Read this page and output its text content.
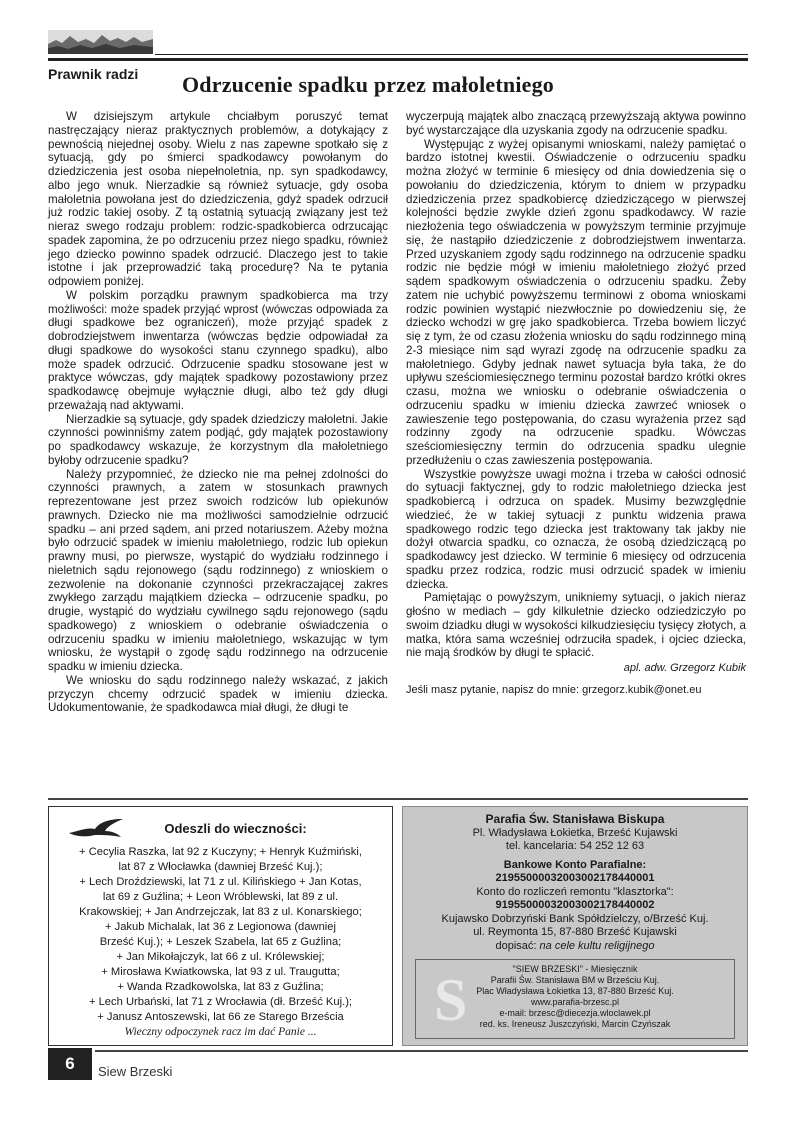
Prawnik radzi Odrzucenie spadku przez małoletniego

W dzisiejszym artykule chciałbym poruszyć temat nastręczający nieraz praktycznych problemów, a dotykający z pewnością niejednej osoby. Wielu z nas zapewne spotkało się z sytuacją, gdy po śmierci spadkodawcy powołanym do dziedziczenia jest osoba niepełnoletnia, np. syn spadkodawcy, albo jego wnuk. Nierzadkie są również sytuacje, gdy osoba małoletnia powołana jest do dziedziczenia, gdyż spadek odrzucił już rodzic takiej osoby. Z tą ostatnią sytuacją związany jest też nieraz swego rodzaju problem: rodzic-spadkobierca odrzucając spadek zapomina, że po odrzuceniu przez niego spadku, również jego dziecko powinno spadek odrzucić. Dlaczego jest to takie istotne i jak przeprowadzić taką procedurę? Na te pytania odpowiem poniżej.

W polskim porządku prawnym spadkobierca ma trzy możliwości: może spadek przyjąć wprost (wówczas odpowiada za długi spadkowe bez ograniczeń), może przyjąć spadek z dobrodziejstwem inwentarza (wówczas będzie odpowiadał za długi spadkowe do wysokości stanu czynnego spadku), albo może spadek odrzucić. Odrzucenie spadku stosowane jest w praktyce wówczas, gdy majątek spadkowy pozostawiony przez spadkodawcę obejmuje wyłącznie długi, albo też gdy długi przeważają nad aktywami.

Nierzadkie są sytuacje, gdy spadek dziedziczy małoletni. Jakie czynności powinniśmy zatem podjąć, gdy majątek pozostawiony po spadkodawcy wskazuje, że korzystnym dla małoletniego byłoby odrzucenie spadku?

Należy przypomnieć, że dziecko nie ma pełnej zdolności do czynności prawnych, a zatem w stosunkach prawnych reprezentowane jest przez swoich rodziców lub opiekunów prawnych. Dziecko nie ma możliwości samodzielnie odrzucić spadku – ani przed sądem, ani przed notariuszem. Ażeby można było odrzucić spadek w imieniu małoletniego, rodzic lub opiekun prawny musi, po pierwsze, wystąpić do wydziału rodzinnego i nieletnich sądu rejonowego (sądu rodzinnego) z wnioskiem o zezwolenie na dokonanie czynności przekraczającej zakres zwykłego zarządu majątkiem dziecka – odrzucenie spadku, po drugie, wystąpić do wydziału cywilnego sądu rejonowego (sądu spadkowego) z wnioskiem o odebranie oświadczenia o odrzuceniu spadku w imieniu małoletniego, wskazując w tym wniosku, że wystąpił o zgodę sądu rodzinnego na odrzucenie spadku w imieniu dziecka.

We wniosku do sądu rodzinnego należy wskazać, z jakich przyczyn chcemy odrzucić spadek w imieniu dziecka. Udokumentowanie, że spadkodawca miał długi, że długi te

wyczerpują majątek albo znaczącą przewyższają aktywa powinno być wystarczające dla uzyskania zgody na odrzucenie spadku.

Występując z wyżej opisanymi wnioskami, należy pamiętać o bardzo istotnej kwestii. Oświadczenie o odrzuceniu spadku można złożyć w terminie 6 miesięcy od dnia dowiedzenia się o powołaniu do dziedziczenia, którym to dniem w przypadku dziedziczenia przez spadkobiercę dziedziczącego w pierwszej kolejności będzie zwykle dzień zgonu spadkodawcy. W razie niezłożenia tego oświadczenia w powyższym terminie przyjmuje się, że nastąpiło dziedziczenie z dobrodziejstwem inwentarza. Przed uzyskaniem zgody sądu rodzinnego na odrzucenie spadku rodzic nie będzie mógł w imieniu małoletniego złożyć przed sądem spadkowym oświadczenia o odrzuceniu spadku. Żeby zatem nie uchybić powyższemu terminowi z oboma wnioskami rodzic powinien wystąpić niezwłocznie po dowiedzeniu się, że dziecko wchodzi w grę jako spadkobierca. Trzeba bowiem liczyć się z tym, że od czasu złożenia wniosku do sądu rodzinnego miną 2-3 miesiące nim sąd wyrazi zgodę na odrzucenie spadku za małoletniego. Gdyby jednak nawet sytuacja była taka, że do upływu sześciomiesięcznego terminu pozostał bardzo krótki okres czasu, można we wniosku o odebranie oświadczenia o odrzuceniu spadku w imieniu dziecka zawrzeć wniosek o zawieszenie tego postępowania, do czasu wyrażenia przez sąd rodzinny zgody na odrzucenie spadku. Wówczas sześciomiesięczny termin do odrzucenia spadku ulegnie przedłużeniu o czas zawieszenia postępowania.

Wszystkie powyższe uwagi można i trzeba w całości odnosić do sytuacji faktycznej, gdy to rodzic małoletniego dziecka jest spadkobiercą i odrzuca on spadek. Musimy bezwzględnie wiedzieć, że w takiej sytuacji z punktu widzenia prawa spadkowego rodzic tego dziecka jest traktowany tak jakby nie dożył otwarcia spadku, co oznacza, że osobą dziedziczącą po spadkodawcy jest dziecko. W terminie 6 miesięcy od odrzucenia spadku przez rodzica, rodzic musi odrzucić spadek w imieniu dziecka.

Pamiętając o powyższym, unikniemy sytuacji, o jakich nieraz głośno w mediach – gdy kilkuletnie dziecko odziedziczyło po swoim dziadku długi w wysokości kilkudziesięciu tysięcy złotych, a matka, która sama wcześniej odrzuciła spadek, i ojciec dziecka, nie mają środków by długi te spłacić.

apl. adw. Grzegorz Kubik
Jeśli masz pytanie, napisz do mnie: grzegorz.kubik@onet.eu
Odeszli do wieczności:
+ Cecylia Raszka, lat 92 z Kuczyny; + Henryk Kuźmiński,
lat 87 z Włocławka (dawniej Brześć Kuj.);
+ Lech Droździewski, lat 71 z ul. Kilińskiego + Jan Kotas,
lat 69 z Guźlina; + Leon Wróblewski, lat 89 z ul.
Krakowskiej; + Jan Andrzejczak, lat 83 z ul. Konarskiego;
+ Jakub Michalak, lat 36 z Legionowa (dawniej
Brześć Kuj.); + Leszek Szabela, lat 65 z Guźlina;
+ Jan Mikołajczyk, lat 66 z ul. Królewskiej;
+ Mirosława Kwiatkowska, lat 93 z ul. Traugutta;
+ Wanda Rzadkowolska, lat 83 z Guźlina;
+ Lech Urbański, lat 71 z Wrocławia (dł. Brześć Kuj.);
+ Janusz Antoszewski, lat 66 ze Starego Brześcia
Wieczny odpoczynek racz im dać Panie ...
Parafia Św. Stanisława Biskupa
Pl. Władysława Łokietka, Brześć Kujawski
tel. kancelaria: 54 252 12 63
Bankowe Konto Parafialne:
21955000032003002178440001
Konto do rozliczeń remontu "klasztorka":
91955000032003002178440002
Kujawsko Dobrzyński Bank Spółdzielczy, o/Brześć Kuj.
ul. Reymonta 15, 87-880 Brześć Kujawski
dopisać: na cele kultu religijnego
S	"SIEW BRZESKI" - Miesięcznik
Parafii Św. Stanisława BM w Brześciu Kuj.
Plac Władysława Łokietka 13, 87-880 Brześć Kuj.
www.parafia-brzesc.pl
e-mail: brzesc@diecezja.wloclawek.pl
red. ks. Ireneusz Juszczyński, Marcin Czyńszak
6	Siew Brzeski
